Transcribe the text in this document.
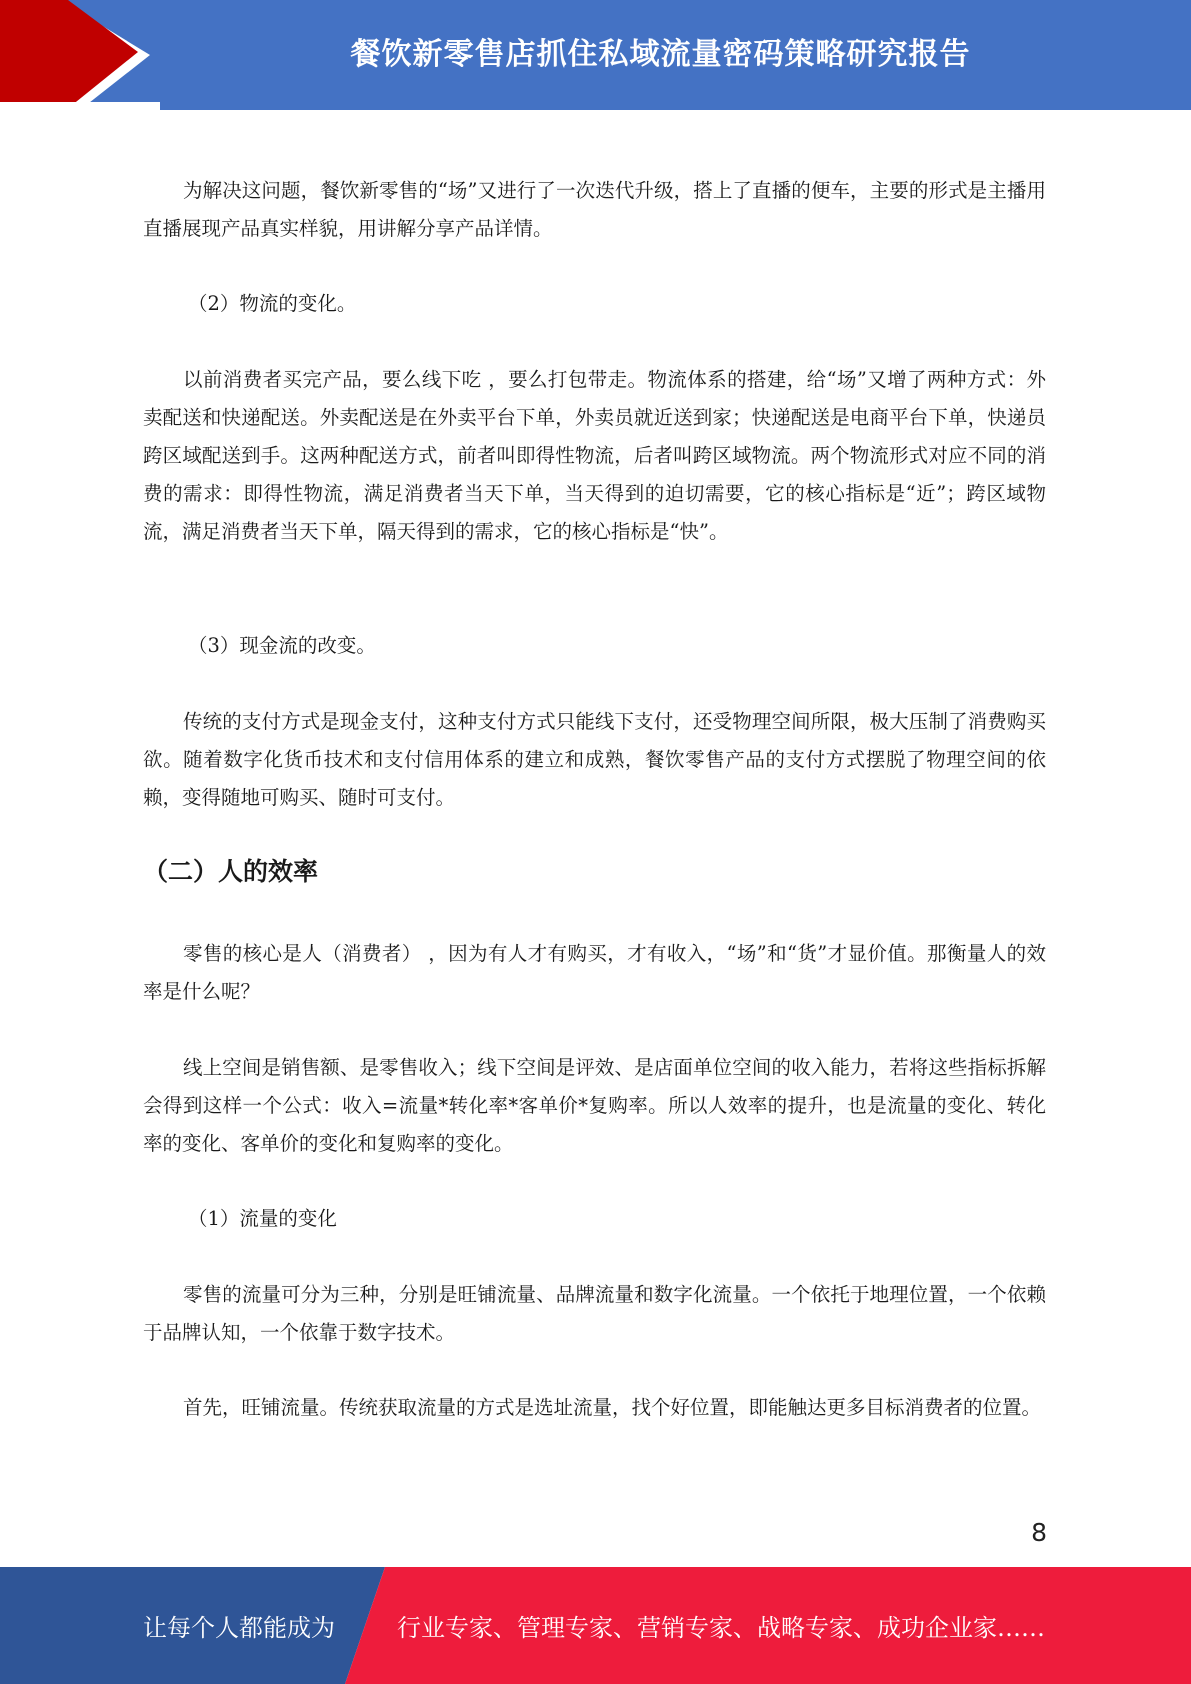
餐饮新零售店抓住私域流量密码策略研究报告

为解决这问题，餐饮新零售的“场”又进行了一次迭代升级，搭上了直播的便车，主要的形式是主播用直播展现产品真实样貌，用讲解分享产品详情。

（2）物流的变化。

以前消费者买完产品，要么线下吃 ，要么打包带走。物流体系的搭建，给“场”又增了两种方式：外卖配送和快递配送。外卖配送是在外卖平台下单，外卖员就近送到家；快递配送是电商平台下单，快递员跨区域配送到手。这两种配送方式，前者叫即得性物流，后者叫跨区域物流。两个物流形式对应不同的消费的需求：即得性物流，满足消费者当天下单，当天得到的迫切需要，它的核心指标是“近”；跨区域物流，满足消费者当天下单，隔天得到的需求，它的核心指标是“快”。

（3）现金流的改变。

传统的支付方式是现金支付，这种支付方式只能线下支付，还受物理空间所限，极大压制了消费购买欲。随着数字化货币技术和支付信用体系的建立和成熟，餐饮零售产品的支付方式摆脱了物理空间的依赖，变得随地可购买、随时可支付。

（二）人的效率

零售的核心是人（消费者） ，因为有人才有购买，才有收入，“场”和“货”才显价值。那衡量人的效率是什么呢？

线上空间是销售额、是零售收入；线下空间是评效、是店面单位空间的收入能力，若将这些指标拆解会得到这样一个公式：收入=流量*转化率*客单价*复购率。所以人效率的提升，也是流量的变化、转化率的变化、客单价的变化和复购率的变化。

（1）流量的变化

零售的流量可分为三种，分别是旺铺流量、品牌流量和数字化流量。一个依托于地理位置，一个依赖于品牌认知，一个依靠于数字技术。

首先，旺铺流量。传统获取流量的方式是选址流量，找个好位置，即能触达更多目标消费者的位置。

8
让每个人都能成为	行业专家、管理专家、营销专家、战略专家、成功企业家……
